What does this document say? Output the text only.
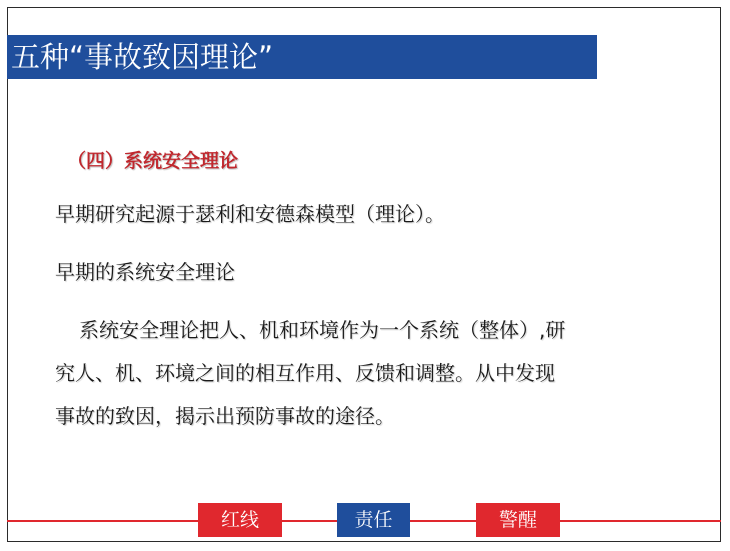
五种“事故致因理论”
（四）系统安全理论
早期研究起源于瑟利和安德森模型（理论）。
早期的系统安全理论
系统安全理论把人、机和环境作为一个系统（整体）,研
究人、机、环境之间的相互作用、反馈和调整。从中发现
事故的致因，揭示出预防事故的途径。
红线	责任	警醒
